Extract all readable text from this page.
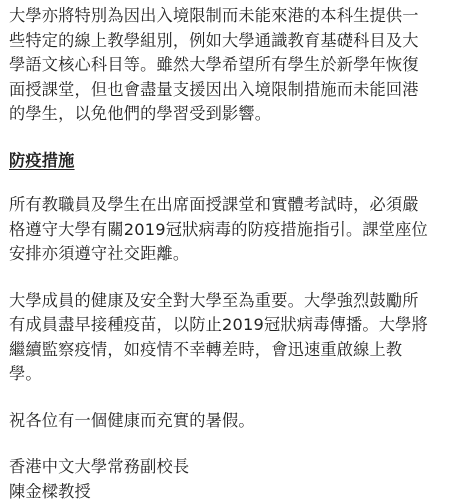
大學亦將特別為因出入境限制而未能來港的本科生提供一
些特定的線上教學組別，例如大學通識教育基礎科目及大
學語文核心科目等。雖然大學希望所有學生於新學年恢復
面授課堂，但也會盡量支援因出入境限制措施而未能回港
的學生，以免他們的學習受到影響。
防疫措施
所有教職員及學生在出席面授課堂和實體考試時，必須嚴
格遵守大學有關2019冠狀病毒的防疫措施指引。課堂座位
安排亦須遵守社交距離。
大學成員的健康及安全對大學至為重要。大學強烈鼓勵所
有成員盡早接種疫苗，以防止2019冠狀病毒傳播。大學將
繼續監察疫情，如疫情不幸轉差時，會迅速重啟線上教
學。
祝各位有一個健康而充實的暑假。
香港中文大學常務副校長
陳金樑教授
